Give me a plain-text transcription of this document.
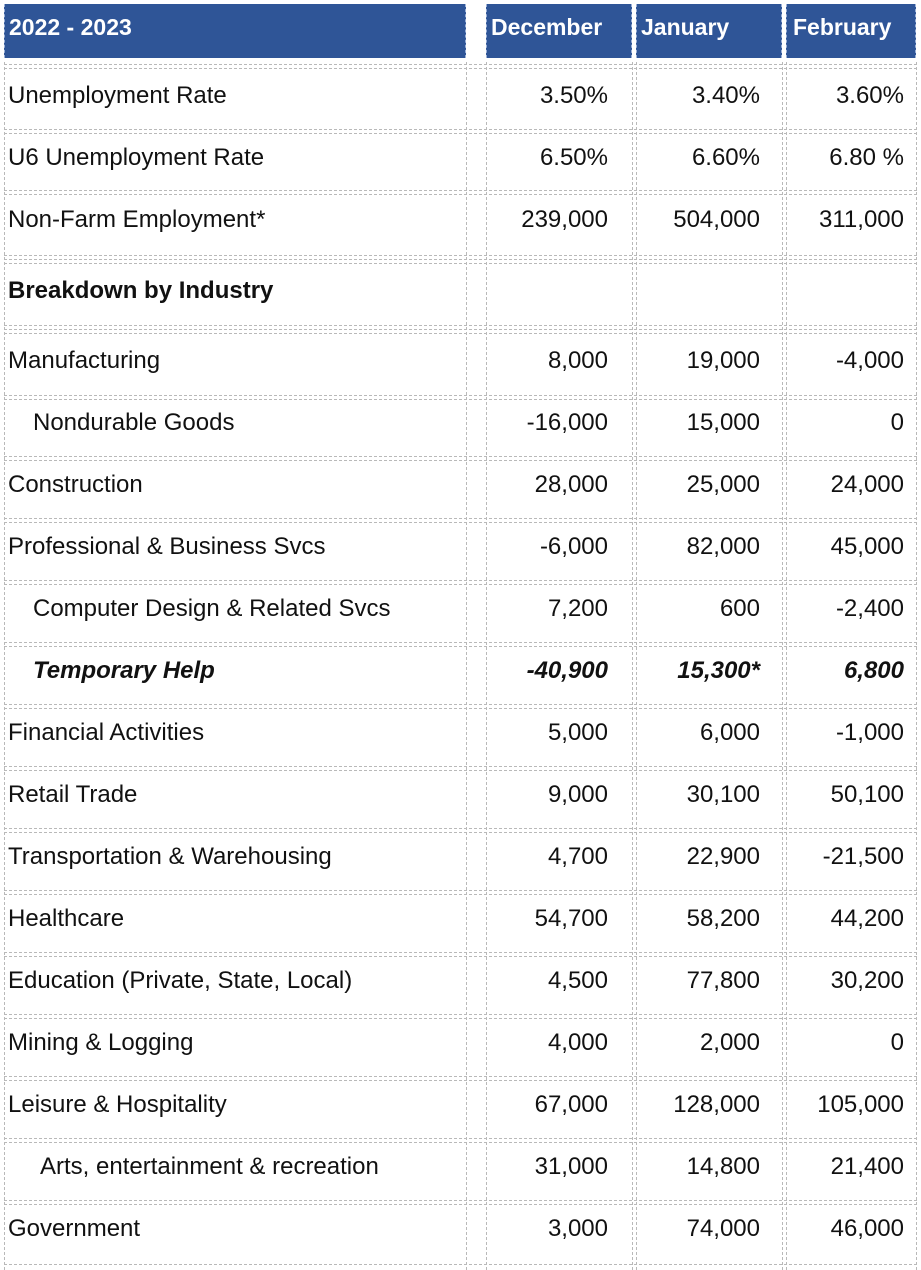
2022 - 2023	December	January	February
Unemployment Rate	3.50%	3.40%	3.60%
U6 Unemployment Rate	6.50%	6.60%	6.80 %
Non-Farm Employment*	239,000	504,000	311,000
Breakdown by Industry
Manufacturing	8,000	19,000	-4,000
Nondurable Goods	-16,000	15,000	0
Construction	28,000	25,000	24,000
Professional & Business Svcs	-6,000	82,000	45,000
Computer Design & Related Svcs	7,200	600	-2,400
Temporary Help	-40,900	15,300*	6,800
Financial Activities	5,000	6,000	-1,000
Retail Trade	9,000	30,100	50,100
Transportation & Warehousing	4,700	22,900	-21,500
Healthcare	54,700	58,200	44,200
Education (Private, State, Local)	4,500	77,800	30,200
Mining & Logging	4,000	2,000	0
Leisure & Hospitality	67,000	128,000	105,000
Arts, entertainment & recreation	31,000	14,800	21,400
Government	3,000	74,000	46,000
